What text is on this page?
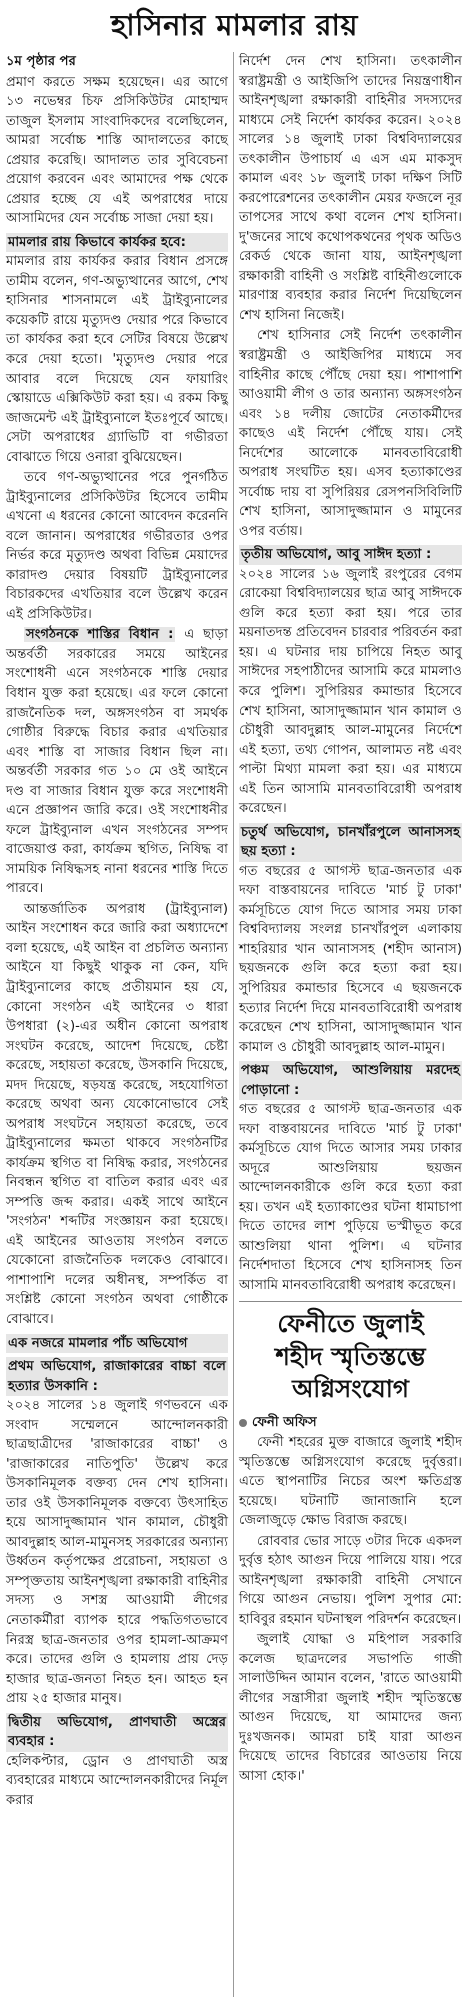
হাসিনার মামলার রায়

১ম পৃষ্ঠার পর

প্রমাণ করতে সক্ষম হয়েছেন। এর আগে ১৩ নভেম্বর চিফ প্রসিকিউটর মোহাম্মদ তাজুল ইসলাম সাংবাদিকদের বলেছিলেন, আমরা সর্বোচ্চ শাস্তি আদালতের কাছে প্রেয়ার করেছি। আদালত তার সুবিবেচনা প্রয়োগ করবেন এবং আমাদের পক্ষ থেকে প্রেয়ার হচ্ছে যে এই অপরাধের দায়ে আসামিদের যেন সর্বোচ্চ সাজা দেয়া হয়।

মামলার রায় কিভাবে কার্যকর হবে:

মামলার রায় কার্যকর করার বিধান প্রসঙ্গে তামীম বলেন, গণ-অভ্যুত্থানের আগে, শেখ হাসিনার শাসনামলে এই ট্রাইব্যুনালের কয়েকটি রায়ে মৃত্যুদণ্ড দেয়ার পরে কিভাবে তা কার্যকর করা হবে সেটির বিষয়ে উল্লেখ করে দেয়া হতো। 'মৃত্যুদণ্ড দেয়ার পরে আবার বলে দিয়েছে যেন ফায়ারিং স্কোয়াডে এক্সিকিউট করা হয়। এ রকম কিছু জাজমেন্ট এই ট্রাইব্যুনালে ইতঃপূর্বে আছে। সেটা অপরাধের গ্র্যাভিটি বা গভীরতা বোঝাতে গিয়ে ওনারা বুঝিয়েছেন।

তবে গণ-অভ্যুত্থানের পরে পুনর্গঠিত ট্রাইব্যুনালের প্রসিকিউটর হিসেবে তামীম এখনো এ ধরনের কোনো আবেদন করেননি বলে জানান। অপরাধের গভীরতার ওপর নির্ভর করে মৃত্যুদণ্ড অথবা বিভিন্ন মেয়াদের কারাদণ্ড দেয়ার বিষয়টি ট্রাইব্যুনালের বিচারকদের এখতিয়ার বলে উল্লেখ করেন এই প্রসিকিউটর।

সংগঠনকে শাস্তির বিধান : এ ছাড়া অন্তর্বর্তী সরকারের সময়ে আইনের সংশোধনী এনে সংগঠনকে শাস্তি দেয়ার বিধান যুক্ত করা হয়েছে। এর ফলে কোনো রাজনৈতিক দল, অঙ্গসংগঠন বা সমর্থক গোষ্ঠীর বিরুদ্ধে বিচার করার এখতিয়ার এবং শাস্তি বা সাজার বিধান ছিল না। অন্তর্বর্তী সরকার গত ১০ মে ওই আইনে দণ্ড বা সাজার বিধান যুক্ত করে সংশোধনী এনে প্রজ্ঞাপন জারি করে। ওই সংশোধনীর ফলে ট্রাইব্যুনাল এখন সংগঠনের সম্পদ বাজেয়াপ্ত করা, কার্যক্রম স্থগিত, নিষিদ্ধ বা সাময়িক নিষিদ্ধসহ নানা ধরনের শাস্তি দিতে পারবে।

আন্তর্জাতিক অপরাধ (ট্রাইব্যুনাল) আইন সংশোধন করে জারি করা অধ্যাদেশে বলা হয়েছে, এই আইন বা প্রচলিত অন্যান্য আইনে যা কিছুই থাকুক না কেন, যদি ট্রাইব্যুনালের কাছে প্রতীয়মান হয় যে, কোনো সংগঠন এই আইনের ৩ ধারা উপধারা (২)-এর অধীন কোনো অপরাধ সংঘটন করেছে, আদেশ দিয়েছে, চেষ্টা করেছে, সহায়তা করেছে, উসকানি দিয়েছে, মদদ দিয়েছে, ষড়যন্ত্র করেছে, সহযোগিতা করেছে অথবা অন্য যেকোনোভাবে সেই অপরাধ সংঘটনে সহায়তা করেছে, তবে ট্রাইব্যুনালের ক্ষমতা থাকবে সংগঠনটির কার্যক্রম স্থগিত বা নিষিদ্ধ করার, সংগঠনের নিবন্ধন স্থগিত বা বাতিল করার এবং এর সম্পত্তি জব্দ করার। একই সাথে আইনে 'সংগঠন' শব্দটির সংজ্ঞায়ন করা হয়েছে। এই আইনের আওতায় সংগঠন বলতে যেকোনো রাজনৈতিক দলকেও বোঝাবে। পাশাপাশি দলের অধীনস্থ, সম্পর্কিত বা সংশ্লিষ্ট কোনো সংগঠন অথবা গোষ্ঠীকে বোঝাবে।

এক নজরে মামলার পাঁচ অভিযোগ
প্রথম অভিযোগ, রাজাকারের বাচ্চা বলে হত্যার উসকানি :

২০২৪ সালের ১৪ জুলাই গণভবনে এক সংবাদ সম্মেলনে আন্দোলনকারী ছাত্রছাত্রীদের 'রাজাকারের বাচ্চা' ও 'রাজাকারের নাতিপুতি' উল্লেখ করে উসকানিমূলক বক্তব্য দেন শেখ হাসিনা। তার ওই উসকানিমূলক বক্তব্যে উৎসাহিত হয়ে আসাদুজ্জামান খান কামাল, চৌধুরী আবদুল্লাহ আল-মামুনসহ সরকারের অন্যান্য উর্ধ্বতন কর্তৃপক্ষের প্ররোচনা, সহায়তা ও সম্পৃক্ততায় আইনশৃঙ্খলা রক্ষাকারী বাহিনীর সদস্য ও সশস্ত্র আওয়ামী লীগের নেতাকর্মীরা ব্যাপক হারে পদ্ধতিগতভাবে নিরস্ত্র ছাত্র-জনতার ওপর হামলা-আক্রমণ করে। তাদের গুলি ও হামলায় প্রায় দেড় হাজার ছাত্র-জনতা নিহত হন। আহত হন প্রায় ২৫ হাজার মানুষ।

দ্বিতীয় অভিযোগ, প্রাণঘাতী অস্ত্রের ব্যবহার :

হেলিকপ্টার, ড্রোন ও প্রাণঘাতী অস্ত্র ব্যবহারের মাধ্যমে আন্দোলনকারীদের নির্মূল করার

নির্দেশ দেন শেখ হাসিনা। তৎকালীন স্বরাষ্ট্রমন্ত্রী ও আইজিপি তাদের নিয়ন্ত্রণাধীন আইনশৃঙ্খলা রক্ষাকারী বাহিনীর সদস্যদের মাধ্যমে সেই নির্দেশ কার্যকর করেন। ২০২৪ সালের ১৪ জুলাই ঢাকা বিশ্ববিদ্যালয়ের তৎকালীন উপাচার্য এ এস এম মাকসুদ কামাল এবং ১৮ জুলাই ঢাকা দক্ষিণ সিটি করপোরেশনের তৎকালীন মেয়র ফজলে নূর তাপসের সাথে কথা বলেন শেখ হাসিনা। দু'জনের সাথে কথোপকথনের পৃথক অডিও রেকর্ড থেকে জানা যায়, আইনশৃঙ্খলা রক্ষাকারী বাহিনী ও সংশ্লিষ্ট বাহিনীগুলোকে মারণাস্ত্র ব্যবহার করার নির্দেশ দিয়েছিলেন শেখ হাসিনা নিজেই।

শেখ হাসিনার সেই নির্দেশ তৎকালীন স্বরাষ্ট্রমন্ত্রী ও আইজিপির মাধ্যমে সব বাহিনীর কাছে পৌঁছে দেয়া হয়। পাশাপাশি আওয়ামী লীগ ও তার অন্যান্য অঙ্গসংগঠন এবং ১৪ দলীয় জোটের নেতাকর্মীদের কাছেও এই নির্দেশ পৌঁছে যায়। সেই নির্দেশের আলোকে মানবতাবিরোধী অপরাধ সংঘটিত হয়। এসব হত্যাকাণ্ডের সর্বোচ্চ দায় বা সুপিরিয়র রেসপনসিবিলিটি শেখ হাসিনা, আসাদুজ্জামান ও মামুনের ওপর বর্তায়।

তৃতীয় অভিযোগ, আবু সাঈদ হত্যা :

২০২৪ সালের ১৬ জুলাই রংপুরের বেগম রোকেয়া বিশ্ববিদ্যালয়ের ছাত্র আবু সাঈদকে গুলি করে হত্যা করা হয়। পরে তার ময়নাতদন্ত প্রতিবেদন চারবার পরিবর্তন করা হয়। এ ঘটনার দায় চাপিয়ে নিহত আবু সাঈদের সহপাঠীদের আসামি করে মামলাও করে পুলিশ। সুপিরিয়র কমান্ডার হিসেবে শেখ হাসিনা, আসাদুজ্জামান খান কামাল ও চৌধুরী আবদুল্লাহ আল-মামুনের নির্দেশে এই হত্যা, তথ্য গোপন, আলামত নষ্ট এবং পাল্টা মিথ্যা মামলা করা হয়। এর মাধ্যমে এই তিন আসামি মানবতাবিরোধী অপরাধ করেছেন।

চতুর্থ অভিযোগ, চানখাঁরপুলে আনাসসহ ছয় হত্যা :

গত বছরের ৫ আগস্ট ছাত্র-জনতার এক দফা বাস্তবায়নের দাবিতে 'মার্চ টু ঢাকা' কর্মসূচিতে যোগ দিতে আসার সময় ঢাকা বিশ্ববিদ্যালয় সংলগ্ন চানখাঁরপুল এলাকায় শাহরিয়ার খান আনাসসহ (শহীদ আনাস) ছয়জনকে গুলি করে হত্যা করা হয়। সুপিরিয়র কমান্ডার হিসেবে এ ছয়জনকে হত্যার নির্দেশ দিয়ে মানবতাবিরোধী অপরাধ করেছেন শেখ হাসিনা, আসাদুজ্জামান খান কামাল ও চৌধুরী আবদুল্লাহ আল-মামুন।

পঞ্চম অভিযোগ, আশুলিয়ায় মরদেহ পোড়ানো :

গত বছরের ৫ আগস্ট ছাত্র-জনতার এক দফা বাস্তবায়নের দাবিতে 'মার্চ টু ঢাকা' কর্মসূচিতে যোগ দিতে আসার সময় ঢাকার অদূরে আশুলিয়ায় ছয়জন আন্দোলনকারীকে গুলি করে হত্যা করা হয়। তখন এই হত্যাকাণ্ডের ঘটনা ধামাচাপা দিতে তাদের লাশ পুড়িয়ে ভস্মীভূত করে আশুলিয়া থানা পুলিশ। এ ঘটনার নির্দেশদাতা হিসেবে শেখ হাসিনাসহ তিন আসামি মানবতাবিরোধী অপরাধ করেছেন।

ফেনীতে জুলাই
শহীদ স্মৃতিস্তম্ভে
অগ্নিসংযোগ
ফেনী অফিস

ফেনী শহরের মুক্ত বাজারে জুলাই শহীদ স্মৃতিস্তম্ভে অগ্নিসংযোগ করেছে দুর্বৃত্তরা। এতে স্থাপনাটির নিচের অংশ ক্ষতিগ্রস্ত হয়েছে। ঘটনাটি জানাজানি হলে জেলাজুড়ে ক্ষোভ বিরাজ করছে।

রোববার ভোর সাড়ে ৩টার দিকে একদল দুর্বৃত্ত হঠাৎ আগুন দিয়ে পালিয়ে যায়। পরে আইনশৃঙ্খলা রক্ষাকারী বাহিনী সেখানে গিয়ে আগুন নেভায়। পুলিশ সুপার মো: হাবিবুর রহমান ঘটনাস্থল পরিদর্শন করেছেন।

জুলাই যোদ্ধা ও মহিপাল সরকারি কলেজ ছাত্রদলের সভাপতি গাজী সালাউদ্দিন আমান বলেন, 'রাতে আওয়ামী লীগের সন্ত্রাসীরা জুলাই শহীদ স্মৃতিস্তম্ভে আগুন দিয়েছে, যা আমাদের জন্য দুঃখজনক। আমরা চাই যারা আগুন দিয়েছে তাদের বিচারের আওতায় নিয়ে আসা হোক।'
